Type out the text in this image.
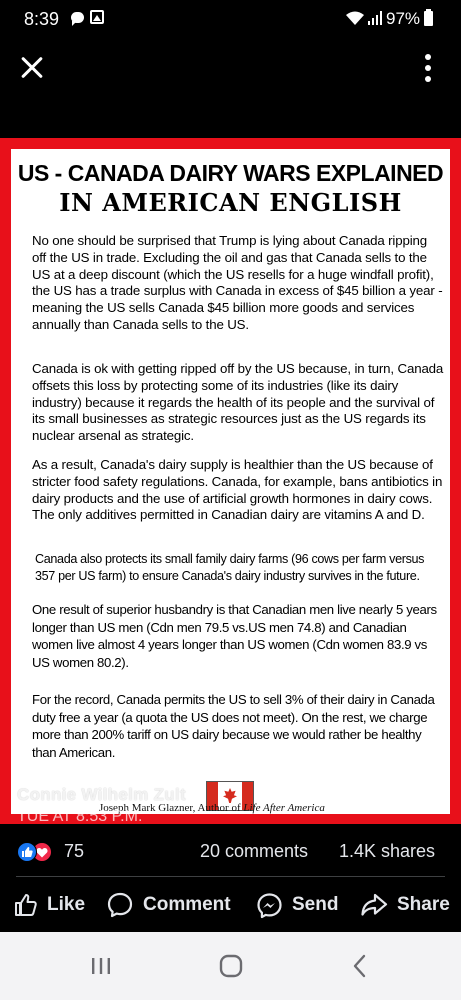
8:39	97%
US - CANADA DAIRY WARS EXPLAINED
IN AMERICAN ENGLISH

No one should be surprised that Trump is lying about Canada ripping off the US in trade. Excluding the oil and gas that Canada sells to the US at a deep discount (which the US resells for a huge windfall profit), the US has a trade surplus with Canada in excess of $45 billion a year - meaning the US sells Canada $45 billion more goods and services annually than Canada sells to the US.

Canada is ok with getting ripped off by the US because, in turn, Canada offsets this loss by protecting some of its industries (like its dairy industry) because it regards the health of its people and the survival of its small businesses as strategic resources just as the US regards its nuclear arsenal as strategic.

As a result, Canada's dairy supply is healthier than the US because of stricter food safety regulations. Canada, for example, bans antibiotics in dairy products and the use of artificial growth hormones in dairy cows. The only additives permitted in Canadian dairy are vitamins A and D.

Canada also protects its small family dairy farms (96 cows per farm versus 357 per US farm) to ensure Canada's dairy industry survives in the future.

One result of superior husbandry is that Canadian men live nearly 5 years longer than US men (Cdn men 79.5 vs.US men 74.8) and Canadian women live almost 4 years longer than US women (Cdn women 83.9 vs US women 80.2).

For the record, Canada permits the US to sell 3% of their dairy in Canada duty free a year (a quota the US does not meet). On the rest, we charge more than 200% tariff on US dairy because we would rather be healthy than American.

Joseph Mark Glazner, Author of Life After America
Connie Wilhelm Zult
TUE AT 8:53 P.M.
75	20 comments 1.4K shares
Like	Comment	Send	Share
